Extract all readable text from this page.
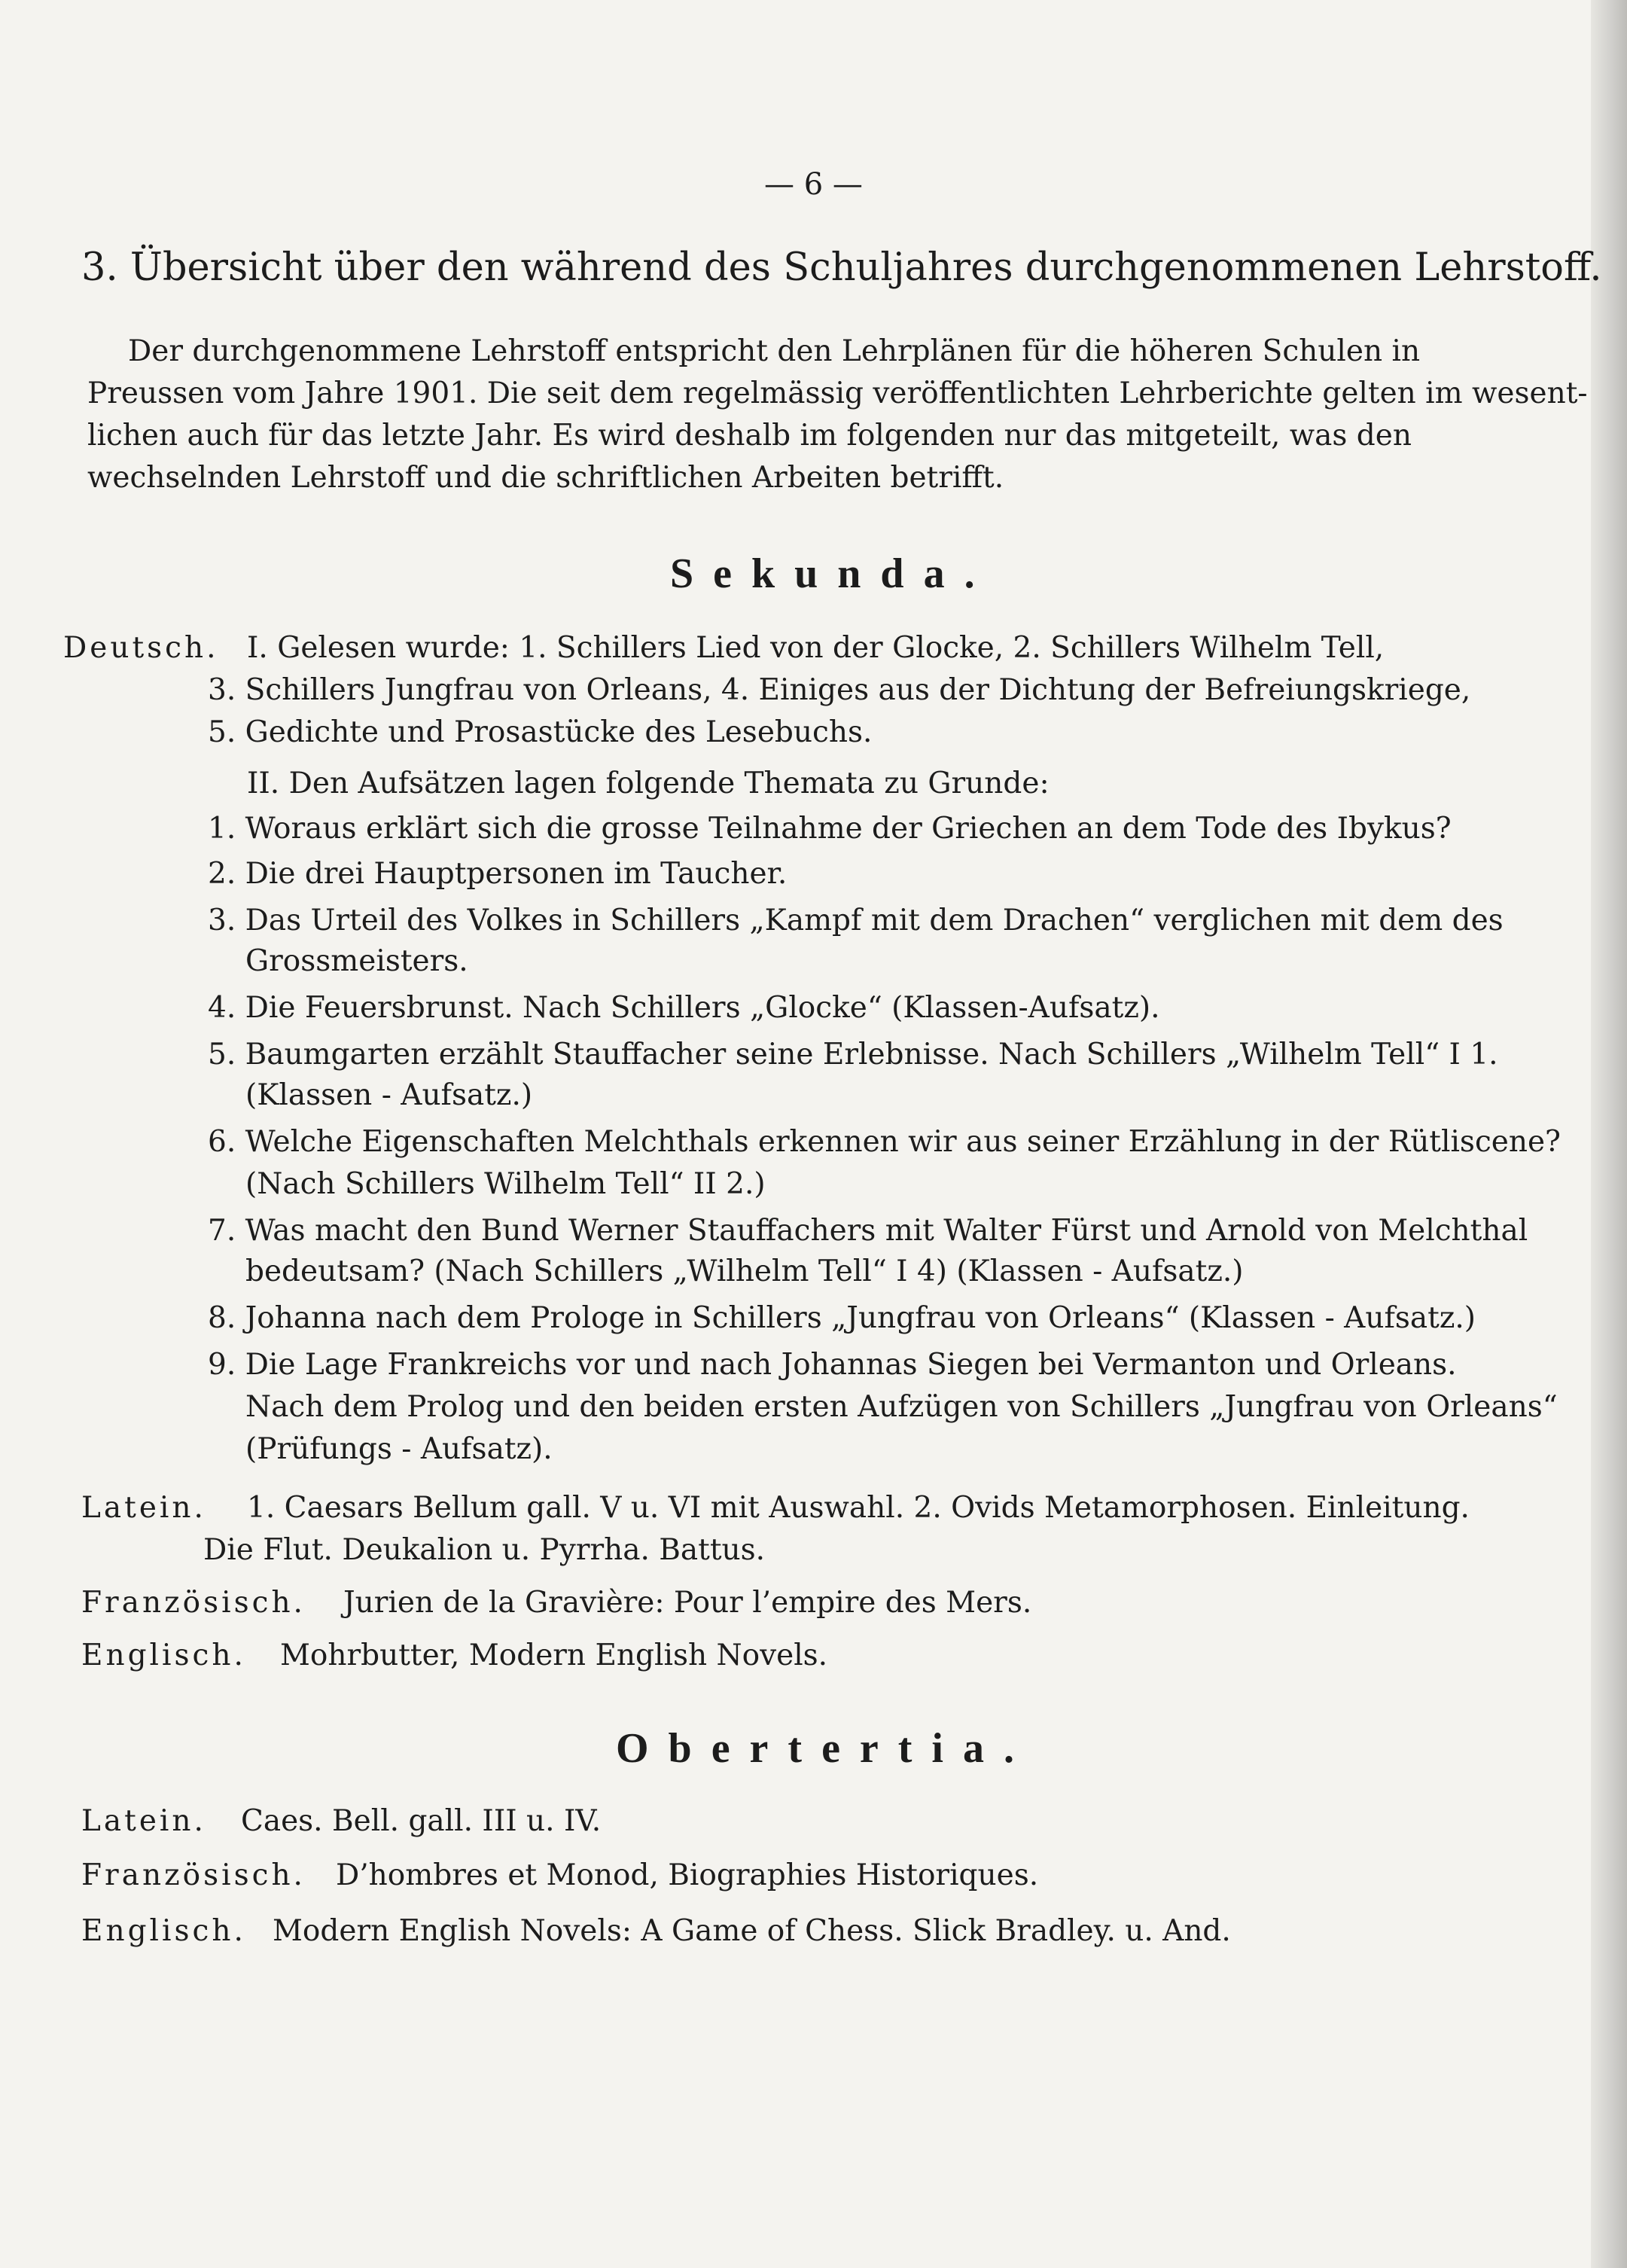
— 6 —
3. Übersicht über den während des Schuljahres durchgenommenen Lehrstoff.
Der durchgenommene Lehrstoff entspricht den Lehrplänen für die höheren Schulen in
Preussen vom Jahre 1901. Die seit dem regelmässig veröffentlichten Lehrberichte gelten im wesent-
lichen auch für das letzte Jahr. Es wird deshalb im folgenden nur das mitgeteilt, was den
wechselnden Lehrstoff und die schriftlichen Arbeiten betrifft.
Sekunda.
Deutsch. I. Gelesen wurde: 1. Schillers Lied von der Glocke, 2. Schillers Wilhelm Tell,
3. Schillers Jungfrau von Orleans, 4. Einiges aus der Dichtung der Befreiungskriege,
5. Gedichte und Prosastücke des Lesebuchs.
II. Den Aufsätzen lagen folgende Themata zu Grunde:
1. Woraus erklärt sich die grosse Teilnahme der Griechen an dem Tode des Ibykus?
2. Die drei Hauptpersonen im Taucher.
3. Das Urteil des Volkes in Schillers „Kampf mit dem Drachen“ verglichen mit dem des
Grossmeisters.
4. Die Feuersbrunst. Nach Schillers „Glocke“ (Klassen-Aufsatz).
5. Baumgarten erzählt Stauffacher seine Erlebnisse. Nach Schillers „Wilhelm Tell“ I 1.
(Klassen - Aufsatz.)
6. Welche Eigenschaften Melchthals erkennen wir aus seiner Erzählung in der Rütliscene?
(Nach Schillers Wilhelm Tell“ II 2.)
7. Was macht den Bund Werner Stauffachers mit Walter Fürst und Arnold von Melchthal
bedeutsam? (Nach Schillers „Wilhelm Tell“ I 4) (Klassen - Aufsatz.)
8. Johanna nach dem Prologe in Schillers „Jungfrau von Orleans“ (Klassen - Aufsatz.)
9. Die Lage Frankreichs vor und nach Johannas Siegen bei Vermanton und Orleans.
Nach dem Prolog und den beiden ersten Aufzügen von Schillers „Jungfrau von Orleans“
(Prüfungs - Aufsatz).
Latein. 1. Caesars Bellum gall. V u. VI mit Auswahl. 2. Ovids Metamorphosen. Einleitung.
Die Flut. Deukalion u. Pyrrha. Battus.
Französisch. Jurien de la Gravière: Pour l’empire des Mers.
Englisch. Mohrbutter, Modern English Novels.
Obertertia.
Latein. Caes. Bell. gall. III u. IV.
Französisch. D’hombres et Monod, Biographies Historiques.
Englisch. Modern English Novels: A Game of Chess. Slick Bradley. u. And.
